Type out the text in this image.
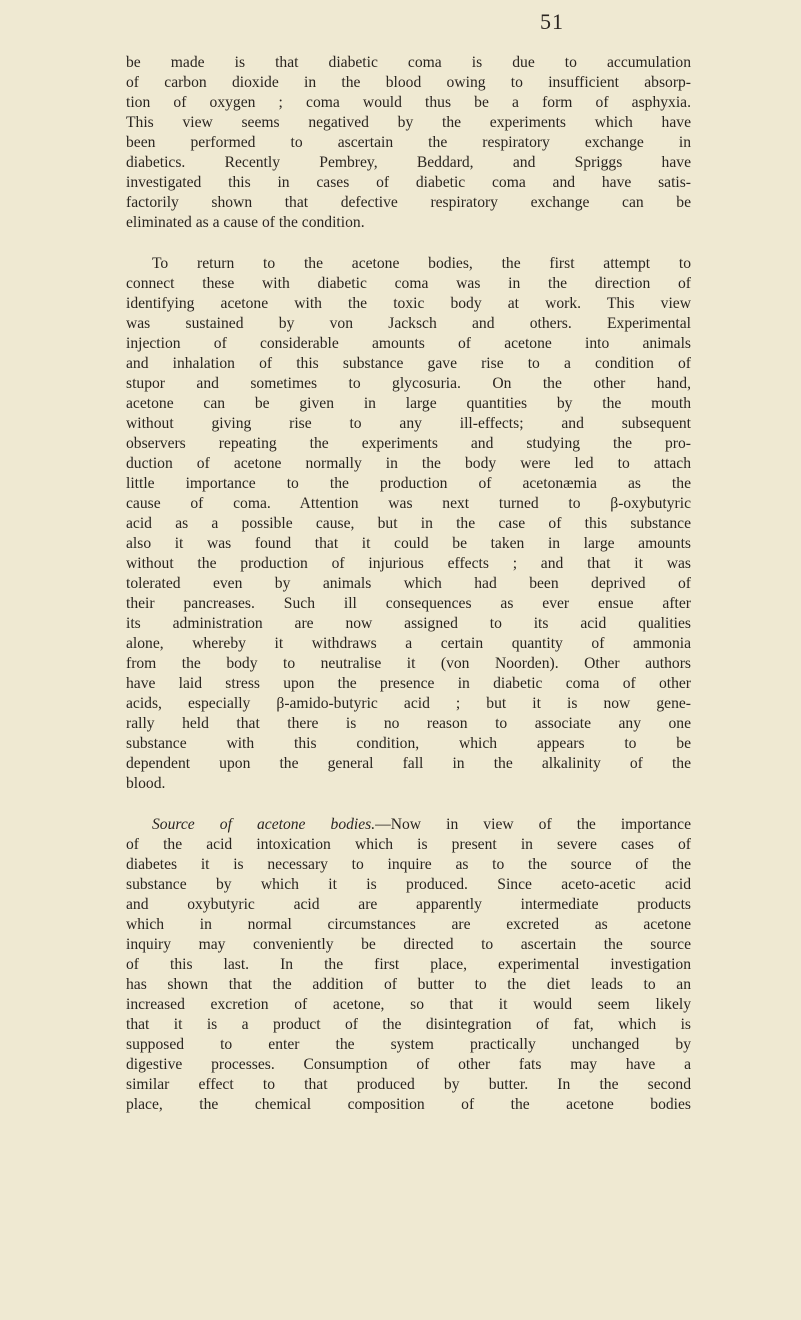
51
be made is that diabetic coma is due to accumulation
of carbon dioxide in the blood owing to insufficient absorp-
tion of oxygen ; coma would thus be a form of asphyxia.
This view seems negatived by the experiments which have
been performed to ascertain the respiratory exchange in
diabetics. Recently Pembrey, Beddard, and Spriggs have
investigated this in cases of diabetic coma and have satis-
factorily shown that defective respiratory exchange can be
eliminated as a cause of the condition.
To return to the acetone bodies, the first attempt to
connect these with diabetic coma was in the direction of
identifying acetone with the toxic body at work. This view
was sustained by von Jacksch and others. Experimental
injection of considerable amounts of acetone into animals
and inhalation of this substance gave rise to a condition of
stupor and sometimes to glycosuria. On the other hand,
acetone can be given in large quantities by the mouth
without giving rise to any ill-effects; and subsequent
observers repeating the experiments and studying the pro-
duction of acetone normally in the body were led to attach
little importance to the production of acetonæmia as the
cause of coma. Attention was next turned to β-oxybutyric
acid as a possible cause, but in the case of this substance
also it was found that it could be taken in large amounts
without the production of injurious effects ; and that it was
tolerated even by animals which had been deprived of
their pancreases. Such ill consequences as ever ensue after
its administration are now assigned to its acid qualities
alone, whereby it withdraws a certain quantity of ammonia
from the body to neutralise it (von Noorden). Other authors
have laid stress upon the presence in diabetic coma of other
acids, especially β-amido-butyric acid ; but it is now gene-
rally held that there is no reason to associate any one
substance with this condition, which appears to be
dependent upon the general fall in the alkalinity of the
blood.
Source of acetone bodies.—Now in view of the importance
of the acid intoxication which is present in severe cases of
diabetes it is necessary to inquire as to the source of the
substance by which it is produced. Since aceto-acetic acid
and oxybutyric acid are apparently intermediate products
which in normal circumstances are excreted as acetone
inquiry may conveniently be directed to ascertain the source
of this last. In the first place, experimental investigation
has shown that the addition of butter to the diet leads to an
increased excretion of acetone, so that it would seem likely
that it is a product of the disintegration of fat, which is
supposed to enter the system practically unchanged by
digestive processes. Consumption of other fats may have a
similar effect to that produced by butter. In the second
place, the chemical composition of the acetone bodies
